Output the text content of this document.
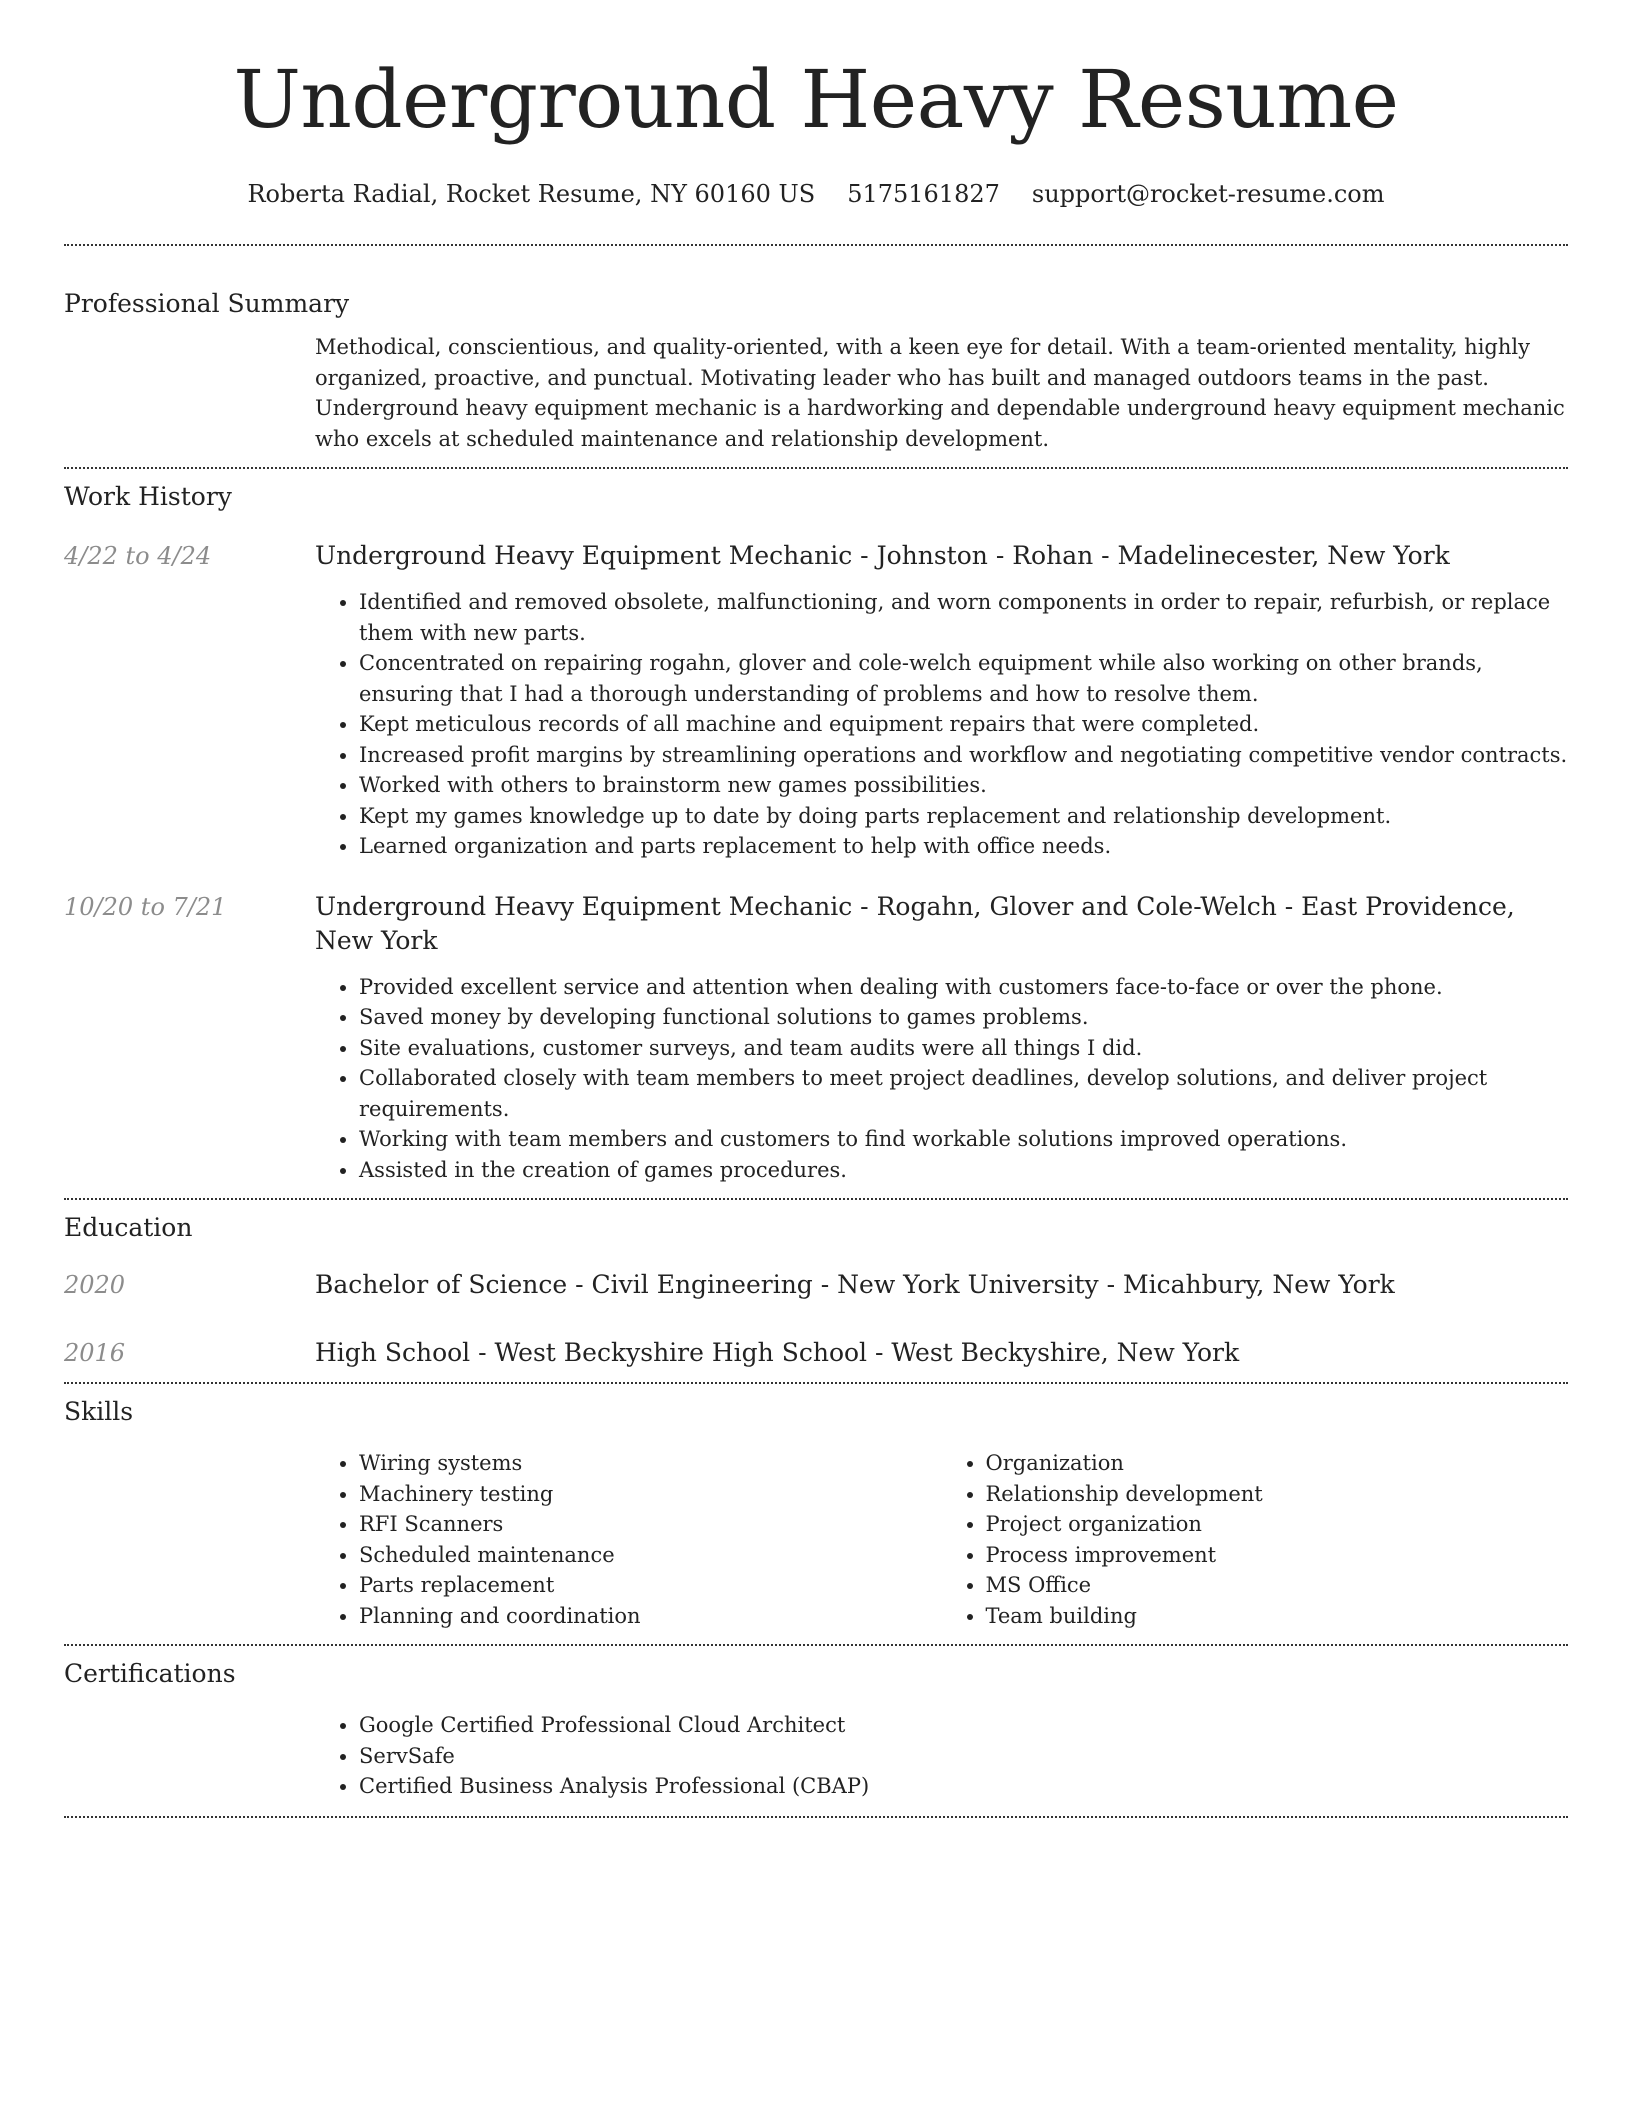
Underground Heavy Resume
Roberta Radial, Rocket Resume, NY 60160 US 5175161827 support@rocket-resume.com
Professional Summary

Methodical, conscientious, and quality-oriented, with a keen eye for detail. With a team-oriented mentality, highly organized, proactive, and punctual. Motivating leader who has built and managed outdoors teams in the past. Underground heavy equipment mechanic is a hardworking and dependable underground heavy equipment mechanic who excels at scheduled maintenance and relationship development.

Work History
4/22 to 4/24	Underground Heavy Equipment Mechanic - Johnston - Rohan - Madelinecester, New York

• Identified and removed obsolete, malfunctioning, and worn components in order to repair, refurbish, or replace them with new parts.
• Concentrated on repairing rogahn, glover and cole-welch equipment while also working on other brands, ensuring that I had a thorough understanding of problems and how to resolve them.
• Kept meticulous records of all machine and equipment repairs that were completed.
• Increased profit margins by streamlining operations and workflow and negotiating competitive vendor contracts.
• Worked with others to brainstorm new games possibilities.
• Kept my games knowledge up to date by doing parts replacement and relationship development.
• Learned organization and parts replacement to help with office needs.
10/20 to 7/21	Underground Heavy Equipment Mechanic - Rogahn, Glover and Cole-Welch - East Providence, New York

• Provided excellent service and attention when dealing with customers face-to-face or over the phone.
• Saved money by developing functional solutions to games problems.
• Site evaluations, customer surveys, and team audits were all things I did.
• Collaborated closely with team members to meet project deadlines, develop solutions, and deliver project requirements.
• Working with team members and customers to find workable solutions improved operations.
• Assisted in the creation of games procedures.
Education
2020	Bachelor of Science - Civil Engineering - New York University - Micahbury, New York

2016	High School - West Beckyshire High School - West Beckyshire, New York

Skills
• Wiring systems
• Machinery testing
• RFI Scanners
• Scheduled maintenance
• Parts replacement
• Planning and coordination
• Organization
• Relationship development
• Project organization
• Process improvement
• MS Office
• Team building
Certifications
• Google Certified Professional Cloud Architect
• ServSafe
• Certified Business Analysis Professional (CBAP)
